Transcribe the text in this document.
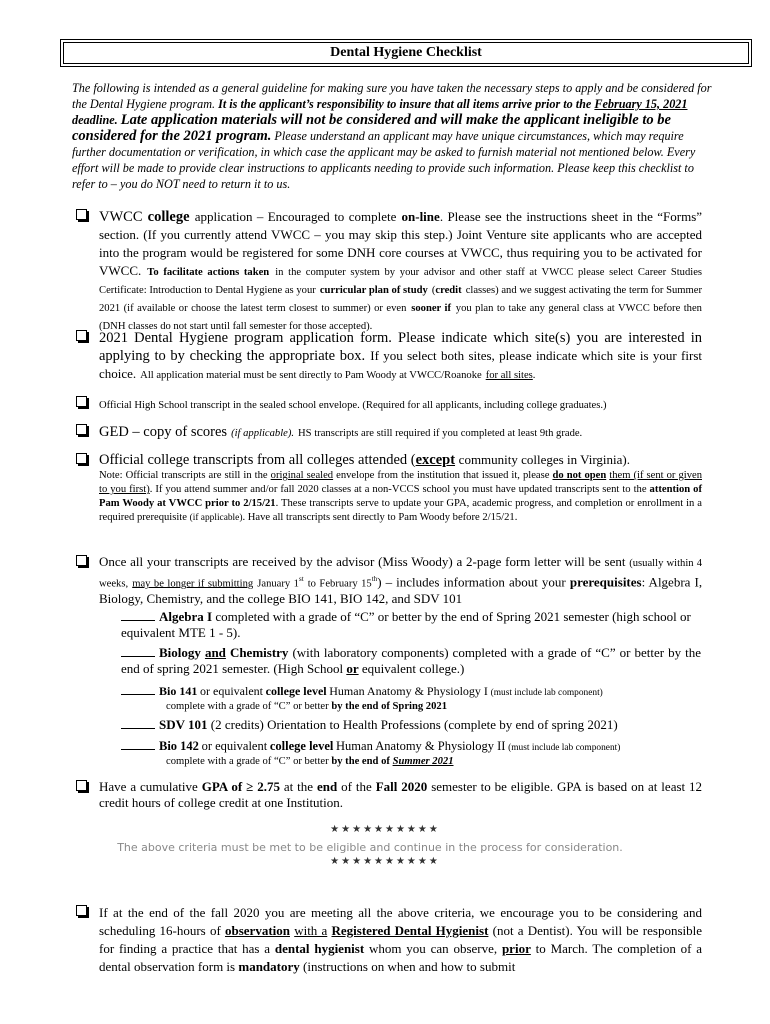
Dental Hygiene Checklist
The following is intended as a general guideline for making sure you have taken the necessary steps to apply and be considered for the Dental Hygiene program. It is the applicant’s responsibility to insure that all items arrive prior to the February 15, 2021 deadline. Late application materials will not be considered and will make the applicant ineligible to be considered for the 2021 program. Please understand an applicant may have unique circumstances, which may require further documentation or verification, in which case the applicant may be asked to furnish material not mentioned below. Every effort will be made to provide clear instructions to applicants needing to provide such information. Please keep this checklist to refer to – you do NOT need to return it to us.
VWCC college application – Encouraged to complete on-line. Please see the instructions sheet in the “Forms” section. (If you currently attend VWCC – you may skip this step.) Joint Venture site applicants who are accepted into the program would be registered for some DNH core courses at VWCC, thus requiring you to be activated for VWCC. To facilitate actions taken in the computer system by your advisor and other staff at VWCC please select Career Studies Certificate: Introduction to Dental Hygiene as your curricular plan of study (credit classes) and we suggest activating the term for Summer 2021 (if available or choose the latest term closest to summer) or even sooner if you plan to take any general class at VWCC before then (DNH classes do not start until fall semester for those accepted).
2021 Dental Hygiene program application form. Please indicate which site(s) you are interested in applying to by checking the appropriate box. If you select both sites, please indicate which site is your first choice. All application material must be sent directly to Pam Woody at VWCC/Roanoke for all sites.
Official High School transcript in the sealed school envelope. (Required for all applicants, including college graduates.)
GED – copy of scores (if applicable). HS transcripts are still required if you completed at least 9th grade.
Official college transcripts from all colleges attended (except community colleges in Virginia).
Note: Official transcripts are still in the original sealed envelope from the institution that issued it, please do not open them (if sent or given to you first). If you attend summer and/or fall 2020 classes at a non-VCCS school you must have updated transcripts sent to the attention of Pam Woody at VWCC prior to 2/15/21. These transcripts serve to update your GPA, academic progress, and completion or enrollment in a required prerequisite (if applicable). Have all transcripts sent directly to Pam Woody before 2/15/21.
Once all your transcripts are received by the advisor (Miss Woody) a 2-page form letter will be sent (usually within 4 weeks, may be longer if submitting January 1st to February 15th) – includes information about your prerequisites: Algebra I, Biology, Chemistry, and the college BIO 141, BIO 142, and SDV 101
Algebra I completed with a grade of “C” or better by the end of Spring 2021 semester (high school or equivalent MTE 1 - 5).
Biology and Chemistry (with laboratory components) completed with a grade of “C” or better by the end of spring 2021 semester. (High School or equivalent college.)
Bio 141 or equivalent college level Human Anatomy & Physiology I (must include lab component)
complete with a grade of “C” or better by the end of Spring 2021
SDV 101 (2 credits) Orientation to Health Professions (complete by end of spring 2021)
Bio 142 or equivalent college level Human Anatomy & Physiology II (must include lab component)
complete with a grade of “C” or better by the end of Summer 2021
Have a cumulative GPA of ≥ 2.75 at the end of the Fall 2020 semester to be eligible. GPA is based on at least 12 credit hours of college credit at one Institution.
★★★★★★★★★★
The above criteria must be met to be eligible and continue in the process for consideration.
★★★★★★★★★★
If at the end of the fall 2020 you are meeting all the above criteria, we encourage you to be considering and scheduling 16-hours of observation with a Registered Dental Hygienist (not a Dentist). You will be responsible for finding a practice that has a dental hygienist whom you can observe, prior to March. The completion of a dental observation form is mandatory (instructions on when and how to submit
